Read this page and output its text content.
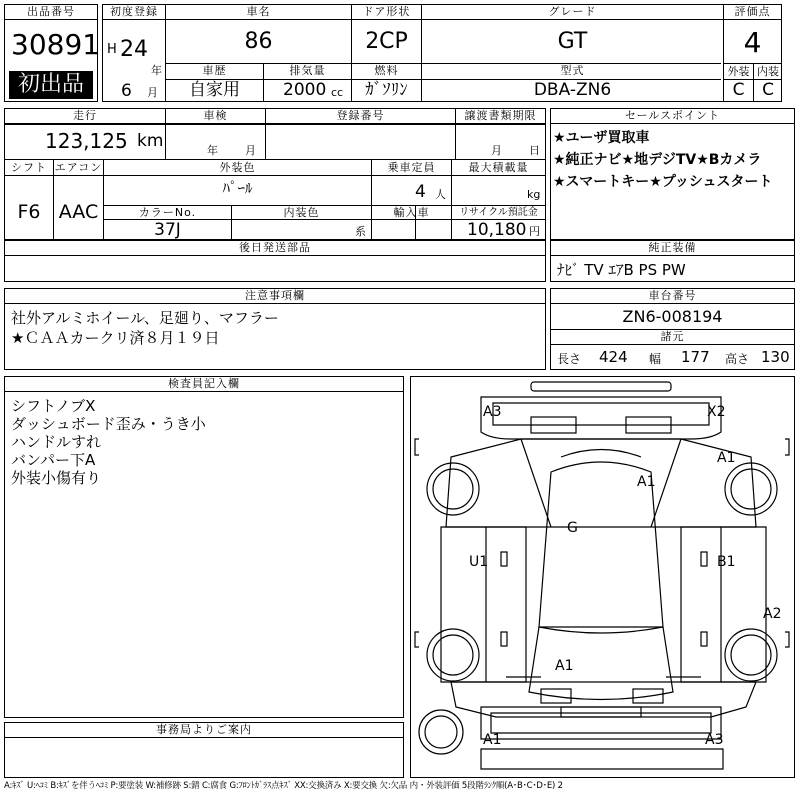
出品番号
30891
初出品
初度登録
H 24
年
6 月
車名
86
ドア形状
2CP
グレード
GT
評価点
4
外装 内装
C	C
車歴
自家用
排気量
2000 cc
燃料
ｶﾞｿﾘﾝ
型式
DBA-ZN6
走行
123,125 km
車検
年 月
登録番号	譲渡書類期限
月 日
シフト
F6
エアコン
AAC
外装色
ﾊﾟｰﾙ
乗車定員
4 人
最大積載量
kg
カラーNo.
37J
内装色
系
輸入車	リサイクル預託金
10,180 円
セールスポイント
★ユーザ買取車
★純正ナビ★地デジTV★Bカメラ
★スマートキー★プッシュスタート
後日発送部品	純正装備
ﾅﾋﾞ TV ｴｱB PS PW
注意事項欄
社外アルミホイール、足廻り、マフラー
★ＣＡＡカークリ済８月１９日
車台番号
ZN6-008194
諸元
長さ 424 幅 177 高さ 130
検査員記入欄
シフトノブX
ダッシュボード歪み・うき小
ハンドルすれ
バンパー下A
外装小傷有り
事務局よりご案内
A3	X2
A1
A1
G
U1	B1
A2
A1
A1	A3
A:ｷｽﾞ U:ﾍｺﾐ B:ｷｽﾞを伴うﾍｺﾐ P:要塗装 W:補修跡 S:錆 C:腐食 G:ﾌﾛﾝﾄｶﾞﾗｽ点ｷｽﾞ XX:交換済み X:要交換 欠:欠品 内・外装評価 5段階ﾗﾝｸ順(A･B･C･D･E) 2
